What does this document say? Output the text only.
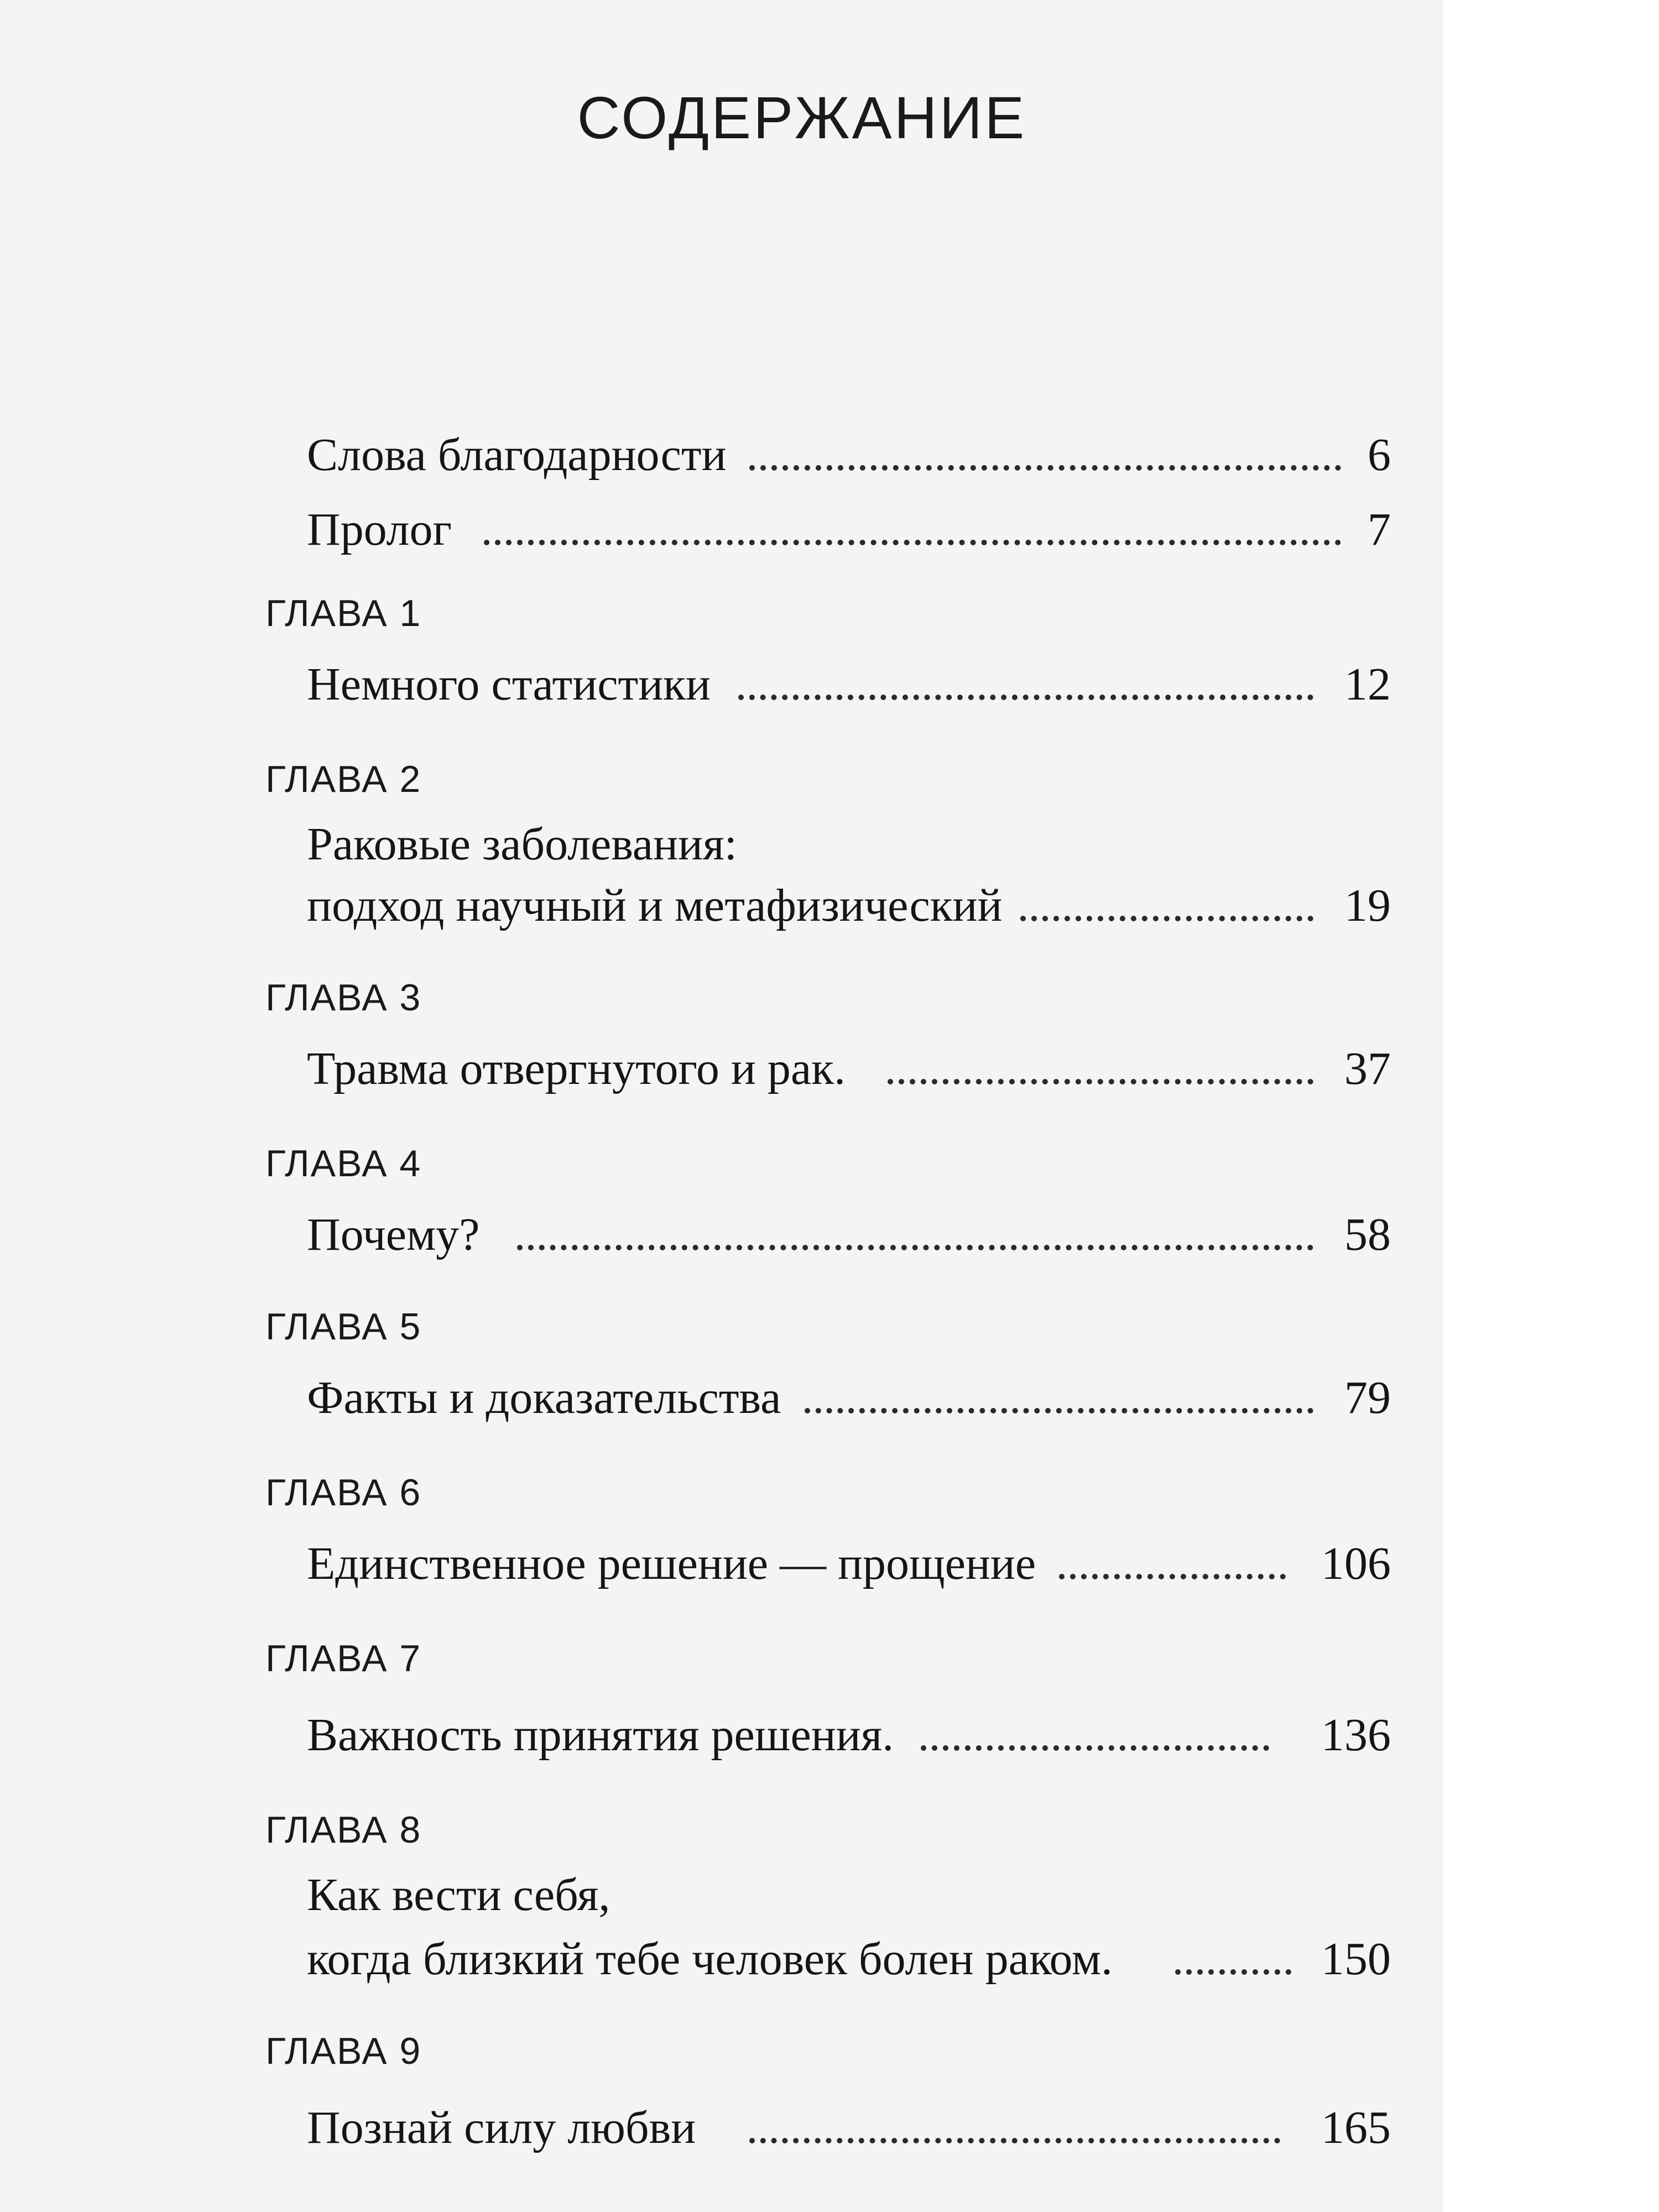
СОДЕРЖАНИЕ
Слова благодарности	6
Пролог	7
ГЛАВА 1
Немного статистики	12
ГЛАВА 2
Раковые заболевания:
подход научный и метафизический	19
ГЛАВА 3
Травма отвергнутого и рак.	37
ГЛАВА 4
Почему?	58
ГЛАВА 5
Факты и доказательства	79
ГЛАВА 6
Единственное решение — прощение	106
ГЛАВА 7
Важность принятия решения.	136
ГЛАВА 8
Как вести себя,
когда близкий тебе человек болен раком.	150
ГЛАВА 9
Познай силу любви	165
